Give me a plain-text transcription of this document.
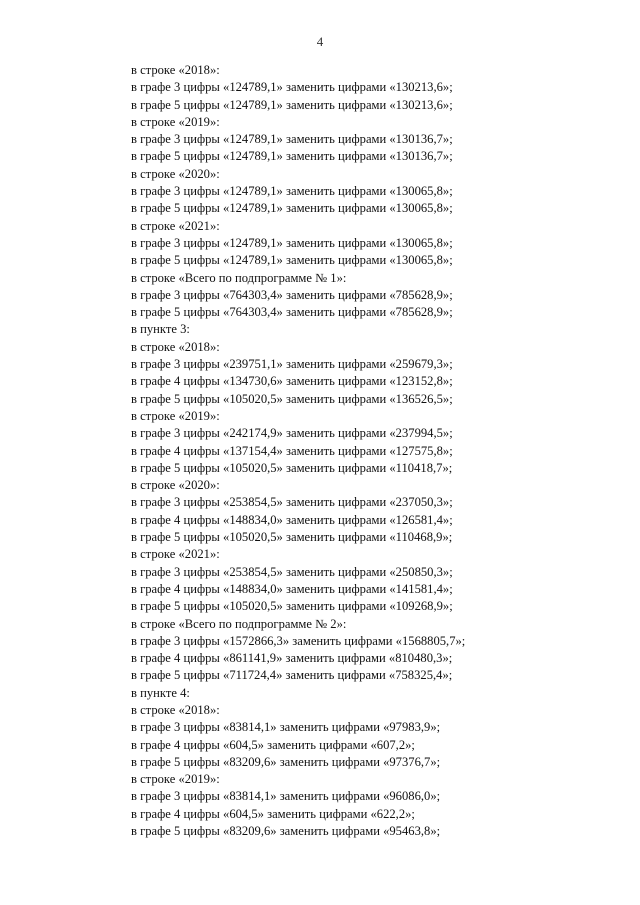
4
в строке «2018»:
в графе 3 цифры «124789,1» заменить цифрами «130213,6»;
в графе 5 цифры «124789,1» заменить цифрами «130213,6»;
в строке «2019»:
в графе 3 цифры «124789,1» заменить цифрами «130136,7»;
в графе 5 цифры «124789,1» заменить цифрами «130136,7»;
в строке «2020»:
в графе 3 цифры «124789,1» заменить цифрами «130065,8»;
в графе 5 цифры «124789,1» заменить цифрами «130065,8»;
в строке «2021»:
в графе 3 цифры «124789,1» заменить цифрами «130065,8»;
в графе 5 цифры «124789,1» заменить цифрами «130065,8»;
в строке «Всего по подпрограмме № 1»:
в графе 3 цифры «764303,4» заменить цифрами «785628,9»;
в графе 5 цифры «764303,4» заменить цифрами «785628,9»;
в пункте 3:
в строке «2018»:
в графе 3 цифры «239751,1» заменить цифрами «259679,3»;
в графе 4 цифры «134730,6» заменить цифрами «123152,8»;
в графе 5 цифры «105020,5» заменить цифрами «136526,5»;
в строке «2019»:
в графе 3 цифры «242174,9» заменить цифрами «237994,5»;
в графе 4 цифры «137154,4» заменить цифрами «127575,8»;
в графе 5 цифры «105020,5» заменить цифрами «110418,7»;
в строке «2020»:
в графе 3 цифры «253854,5» заменить цифрами «237050,3»;
в графе 4 цифры «148834,0» заменить цифрами «126581,4»;
в графе 5 цифры «105020,5» заменить цифрами «110468,9»;
в строке «2021»:
в графе 3 цифры «253854,5» заменить цифрами «250850,3»;
в графе 4 цифры «148834,0» заменить цифрами «141581,4»;
в графе 5 цифры «105020,5» заменить цифрами «109268,9»;
в строке «Всего по подпрограмме № 2»:
в графе 3 цифры «1572866,3» заменить цифрами «1568805,7»;
в графе 4 цифры «861141,9» заменить цифрами «810480,3»;
в графе 5 цифры «711724,4» заменить цифрами «758325,4»;
в пункте 4:
в строке «2018»:
в графе 3 цифры «83814,1» заменить цифрами «97983,9»;
в графе 4 цифры «604,5» заменить цифрами «607,2»;
в графе 5 цифры «83209,6» заменить цифрами «97376,7»;
в строке «2019»:
в графе 3 цифры «83814,1» заменить цифрами «96086,0»;
в графе 4 цифры «604,5» заменить цифрами «622,2»;
в графе 5 цифры «83209,6» заменить цифрами «95463,8»;
